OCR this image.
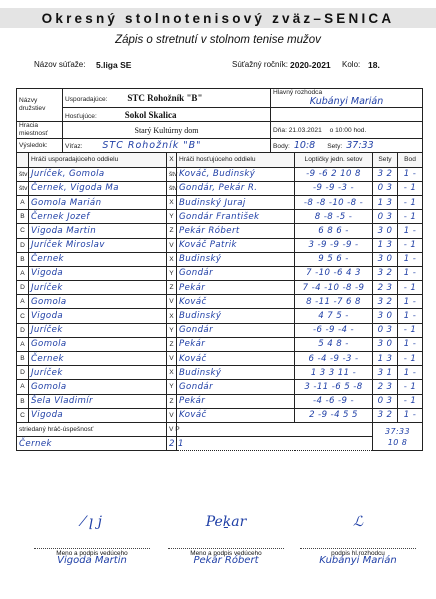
Okresný stolnotenisový zväz–SENICA
Zápis o stretnutí v stolnom tenise mužov
Názov súťaže: 5.liga SE	Súťažný ročník: 2020-2021 Kolo: 18.
Názvy družstiev	Usporadajúce: STC Rohožník "B"	Hlavný rozhodca
Kubányi Marián

	Hosťujúce: Sokol Skalica	
Hracia miestnosť	Starý Kultúrny dom	Dňa: 21.03.2021 o 10:00 hod.
Výsledok:	Víťaz: STC Rohožník "B"	Body: 10:8 Sety: 37:33
	Hráči usporadajúceho oddielu	X	Hráči hosťujúceho oddielu	Loptičky jedn. setov	Sety	Bod
štv	Juríček, Gomola	štv	Kováč, Budinský	-9 -6 2 10 8	3 2	1 -
štv	Černek, Vigoda Ma	štv	Gondár, Pekár R.	-9 -9 -3 -	0 3	- 1
A	Gomola Marián	X	Budinský Juraj	-8 -8 -10 -8 -	1 3	- 1
B	Černek Jozef	Y	Gondár František	8 -8 -5 -	0 3	- 1
C	Vigoda Martin	Z	Pekár Róbert	6 8 6 -	3 0	1 -
D	Juríček Miroslav	V	Kováč Patrik	3 -9 -9 -9 -	1 3	- 1
B	Černek	X	Budinský	9 5 6 -	3 0	1 -
A	Vigoda	Y	Gondár	7 -10 -6 4 3	3 2	1 -
D	Juríček	Z	Pekár	7 -4 -10 -8 -9	2 3	- 1
A	Gomola	V	Kováč	8 -11 -7 6 8	3 2	1 -
C	Vigoda	X	Budinský	4 7 5 -	3 0	1 -
D	Juríček	Y	Gondár	-6 -9 -4 -	0 3	- 1
A	Gomola	Z	Pekár	5 4 8 -	3 0	1 -
B	Černek	V	Kováč	6 -4 -9 -3 -	1 3	- 1
D	Juríček	X	Budinský	1 3 3 11 -	3 1	1 -
A	Gomola	Y	Gondár	3 -11 -6 5 -8	2 3	- 1
B	Šela Vladimír	Z	Pekár	-4 -6 -9 -	0 3	- 1
C	Vigoda	V	Kováč	2 -9 -4 5 5	3 2	1 -
striedaný hráč-úspešnosť		V P			37:33
10 8	

Černek		2 1				
⁄ ꞁ ϳ
Meno a podpis vedúceho
Vigoda Martin
Peḵar
Meno a podpis vedúceho
Pekár Róbert
ℒ
podpis hl.rozhodcu
Kubányi Marián
